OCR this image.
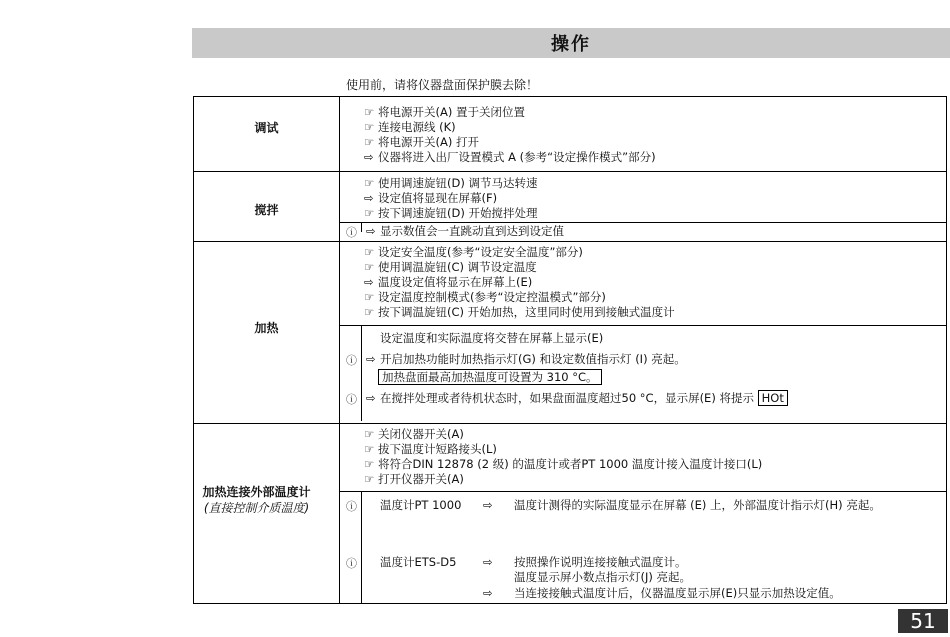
操作
使用前，请将仪器盘面保护膜去除！
调试
☞ 将电源开关(A) 置于关闭位置
☞ 连接电源线 (K)
☞ 将电源开关(A) 打开
⇨ 仪器将进入出厂设置模式 A (参考“设定操作模式”部分)
搅拌
☞ 使用调速旋钮(D) 调节马达转速
⇨ 设定值将显现在屏幕(F)
☞ 按下调速旋钮(D) 开始搅拌处理
ⓘ ⇨ 显示数值会一直跳动直到达到设定值
加热
☞ 设定安全温度(参考“设定安全温度”部分)
☞ 使用调温旋钮(C) 调节设定温度
⇨ 温度设定值将显示在屏幕上(E)
☞ 设定温度控制模式(参考“设定控温模式”部分)
☞ 按下调温旋钮(C) 开始加热，这里同时使用到接触式温度计
设定温度和实际温度将交替在屏幕上显示(E)
ⓘ ⇨ 开启加热功能时加热指示灯(G) 和设定数值指示灯 (I) 亮起。
加热盘面最高加热温度可设置为 310 °C。
ⓘ ⇨ 在搅拌处理或者待机状态时，如果盘面温度超过50 °C，显示屏(E) 将提示 HOt
加热连接外部温度计
(直接控制介质温度)
☞ 关闭仪器开关(A)
☞ 拔下温度计短路接头(L)
☞ 将符合DIN 12878 (2 级) 的温度计或者PT 1000 温度计接入温度计接口(L)
☞ 打开仪器开关(A)
ⓘ 温度计PT 1000 ⇨ 温度计测得的实际温度显示在屏幕 (E) 上，外部温度计指示灯(H) 亮起。
ⓘ 温度计ETS-D5 ⇨ 按照操作说明连接接触式温度计。
温度显示屏小数点指示灯(J) 亮起。
⇨ 当连接接触式温度计后，仪器温度显示屏(E)只显示加热设定值。
51
